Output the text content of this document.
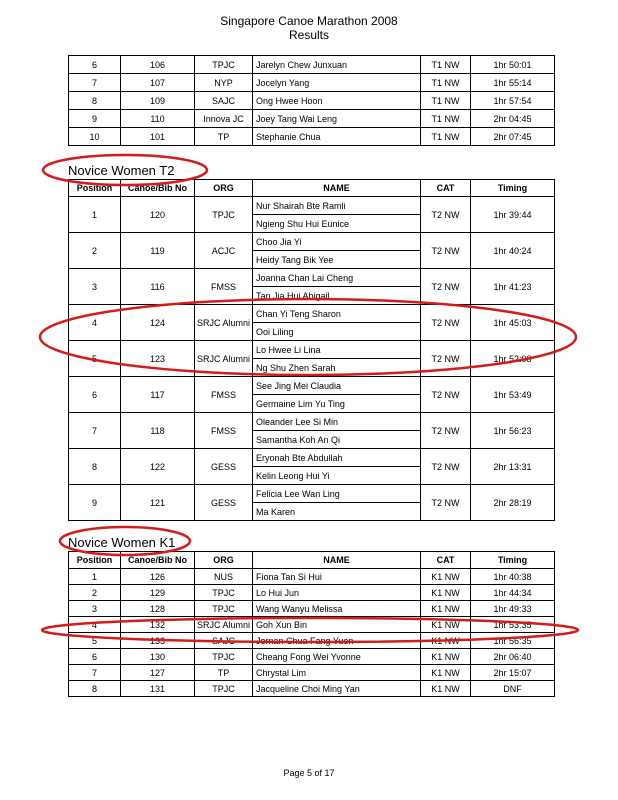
Singapore Canoe Marathon 2008
Results
6	106	TPJC	Jarelyn Chew Junxuan	T1 NW	1hr 50:01
7	107	NYP	Jocelyn Yang	T1 NW	1hr 55:14
8	109	SAJC	Ong Hwee Hoon	T1 NW	1hr 57:54
9	110	Innova JC	Joey Tang Wai Leng	T1 NW	2hr 04:45
10	101	TP	Stephanie Chua	T1 NW	2hr 07:45
Novice Women T2
Position	Canoe/Bib No	ORG	NAME	CAT	Timing
1	120	TPJC	Nur Shairah Bte Ramli	T2 NW	1hr 39:44
			Ngieng Shu Hui Eunice		
2	119	ACJC	Choo Jia Yi	T2 NW	1hr 40:24
			Heidy Tang Bik Yee		
3	116	FMSS	Joanna Chan Lai Cheng	T2 NW	1hr 41:23
			Tan Jia Hui Abigail		
4	124	SRJC Alumni	Chan Yi Teng Sharon	T2 NW	1hr 45:03
			Ooi Liling		
5	123	SRJC Alumni	Lo Hwee Li Lina	T2 NW	1hr 52:08
			Ng Shu Zhen Sarah		
6	117	FMSS	See Jing Mei Claudia	T2 NW	1hr 53:49
			Germaine Lim Yu Ting		
7	118	FMSS	Oleander Lee Si Min	T2 NW	1hr 56:23
			Samantha Koh An Qi		
8	122	GESS	Eryonah Bte Abdullah	T2 NW	2hr 13:31
			Kelin Leong Hui Yi		
9	121	GESS	Felicia Lee Wan Ling	T2 NW	2hr 28:19
			Ma Karen		
Novice Women K1
Position	Canoe/Bib No	ORG	NAME	CAT	Timing
1	126	NUS	Fiona Tan Si Hui	K1 NW	1hr 40:38
2	129	TPJC	Lo Hui Jun	K1 NW	1hr 44:34
3	128	TPJC	Wang Wanyu Melissa	K1 NW	1hr 49:33
4	132	SRJC Alumni	Goh Xun Bin	K1 NW	1hr 53:35
5	133	SAJC	Jernan Chua Fang Yuen	K1 NW	1hr 56:35
6	130	TPJC	Cheang Fong Wei Yvonne	K1 NW	2hr 06:40
7	127	TP	Chrystal Lim	K1 NW	2hr 15:07
8	131	TPJC	Jacqueline Choi Ming Yan	K1 NW	DNF
Page 5 of 17
